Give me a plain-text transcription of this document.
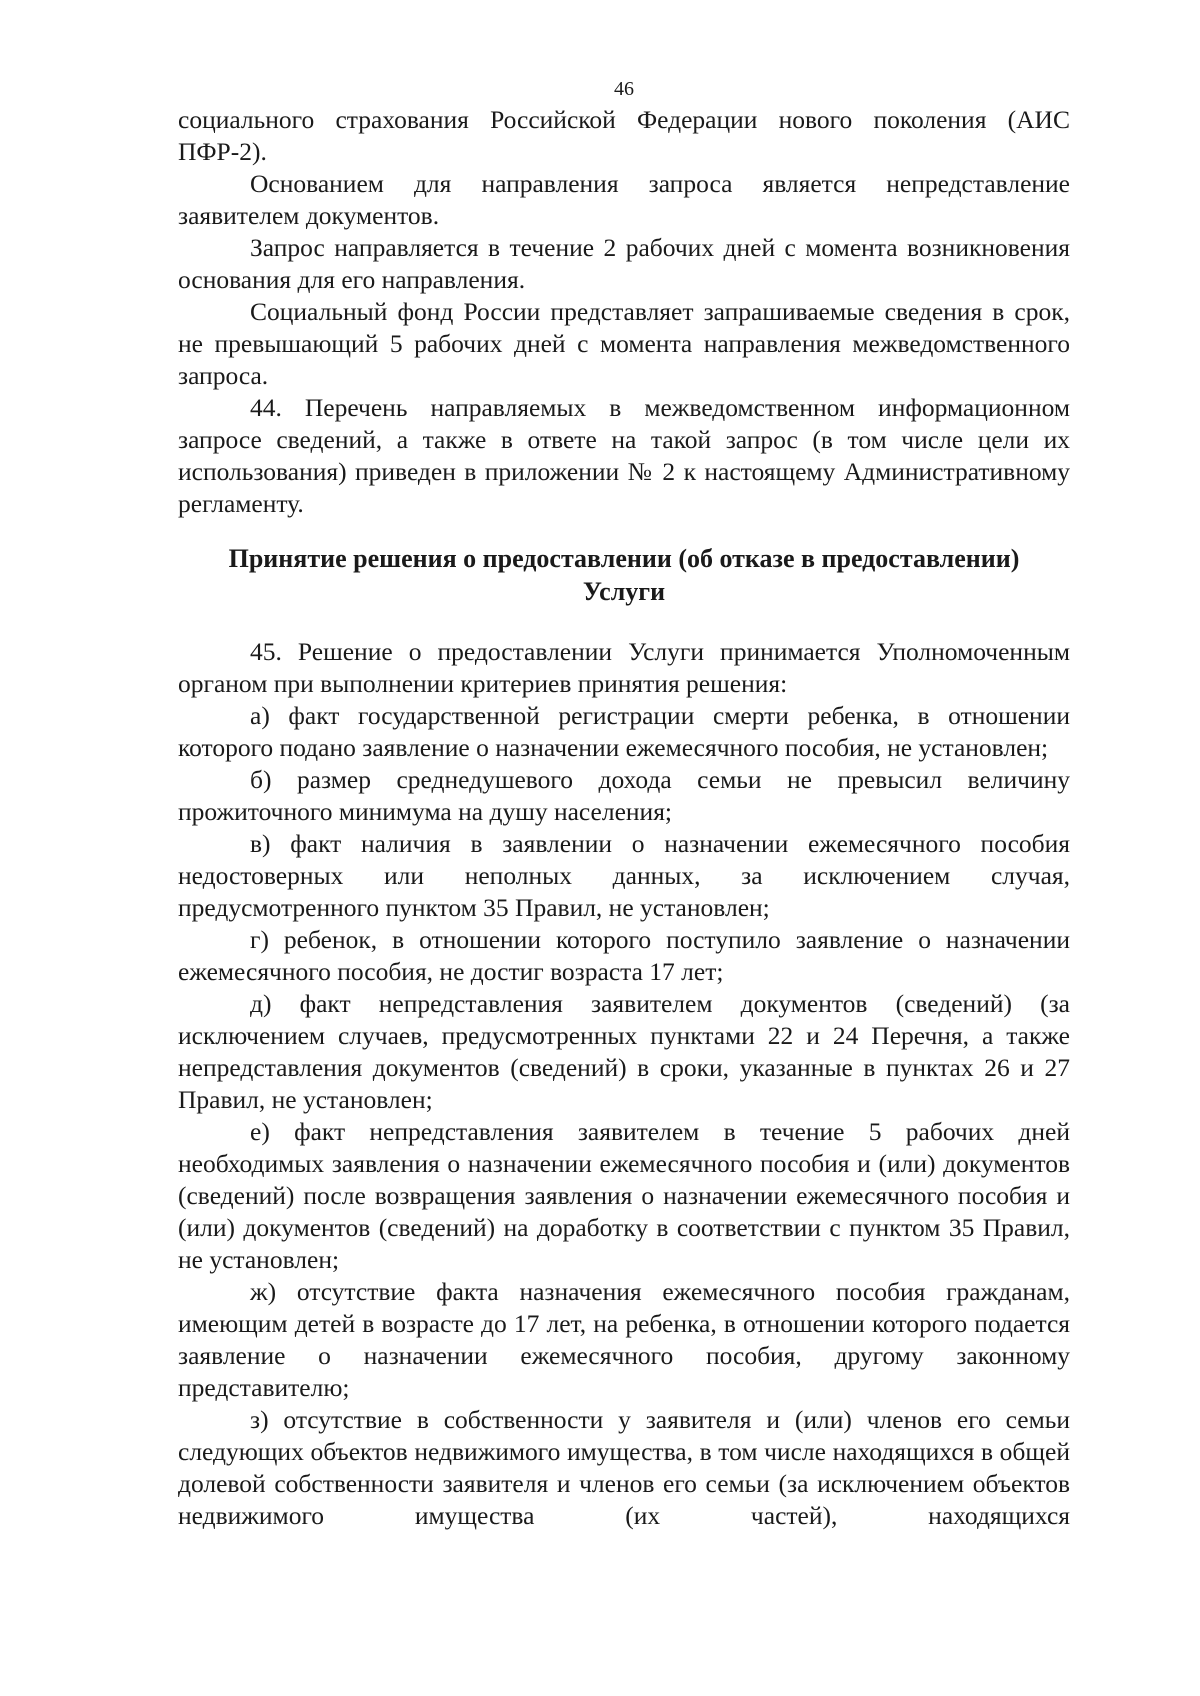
46

социального страхования Российской Федерации нового поколения (АИС ПФР-2).

Основанием для направления запроса является непредставление заявителем документов.

Запрос направляется в течение 2 рабочих дней с момента возникновения основания для его направления.

Социальный фонд России представляет запрашиваемые сведения в срок, не превышающий 5 рабочих дней с момента направления межведомственного запроса.

44. Перечень направляемых в межведомственном информационном запросе сведений, а также в ответе на такой запрос (в том числе цели их использования) приведен в приложении № 2 к настоящему Административному регламенту.

Принятие решения о предоставлении (об отказе в предоставлении)
Услуги

45. Решение о предоставлении Услуги принимается Уполномоченным органом при выполнении критериев принятия решения:

а) факт государственной регистрации смерти ребенка, в отношении которого подано заявление о назначении ежемесячного пособия, не установлен;

б) размер среднедушевого дохода семьи не превысил величину прожиточного минимума на душу населения;

в) факт наличия в заявлении о назначении ежемесячного пособия недостоверных или неполных данных, за исключением случая, предусмотренного пунктом 35 Правил, не установлен;

г) ребенок, в отношении которого поступило заявление о назначении ежемесячного пособия, не достиг возраста 17 лет;

д) факт непредставления заявителем документов (сведений) (за исключением случаев, предусмотренных пунктами 22 и 24 Перечня, а также непредставления документов (сведений) в сроки, указанные в пунктах 26 и 27 Правил, не установлен;

е) факт непредставления заявителем в течение 5 рабочих дней необходимых заявления о назначении ежемесячного пособия и (или) документов (сведений) после возвращения заявления о назначении ежемесячного пособия и (или) документов (сведений) на доработку в соответствии с пунктом 35 Правил, не установлен;

ж) отсутствие факта назначения ежемесячного пособия гражданам, имеющим детей в возрасте до 17 лет, на ребенка, в отношении которого подается заявление о назначении ежемесячного пособия, другому законному представителю;

з) отсутствие в собственности у заявителя и (или) членов его семьи следующих объектов недвижимого имущества, в том числе находящихся в общей долевой собственности заявителя и членов его семьи (за исключением объектов недвижимого имущества (их частей), находящихся
